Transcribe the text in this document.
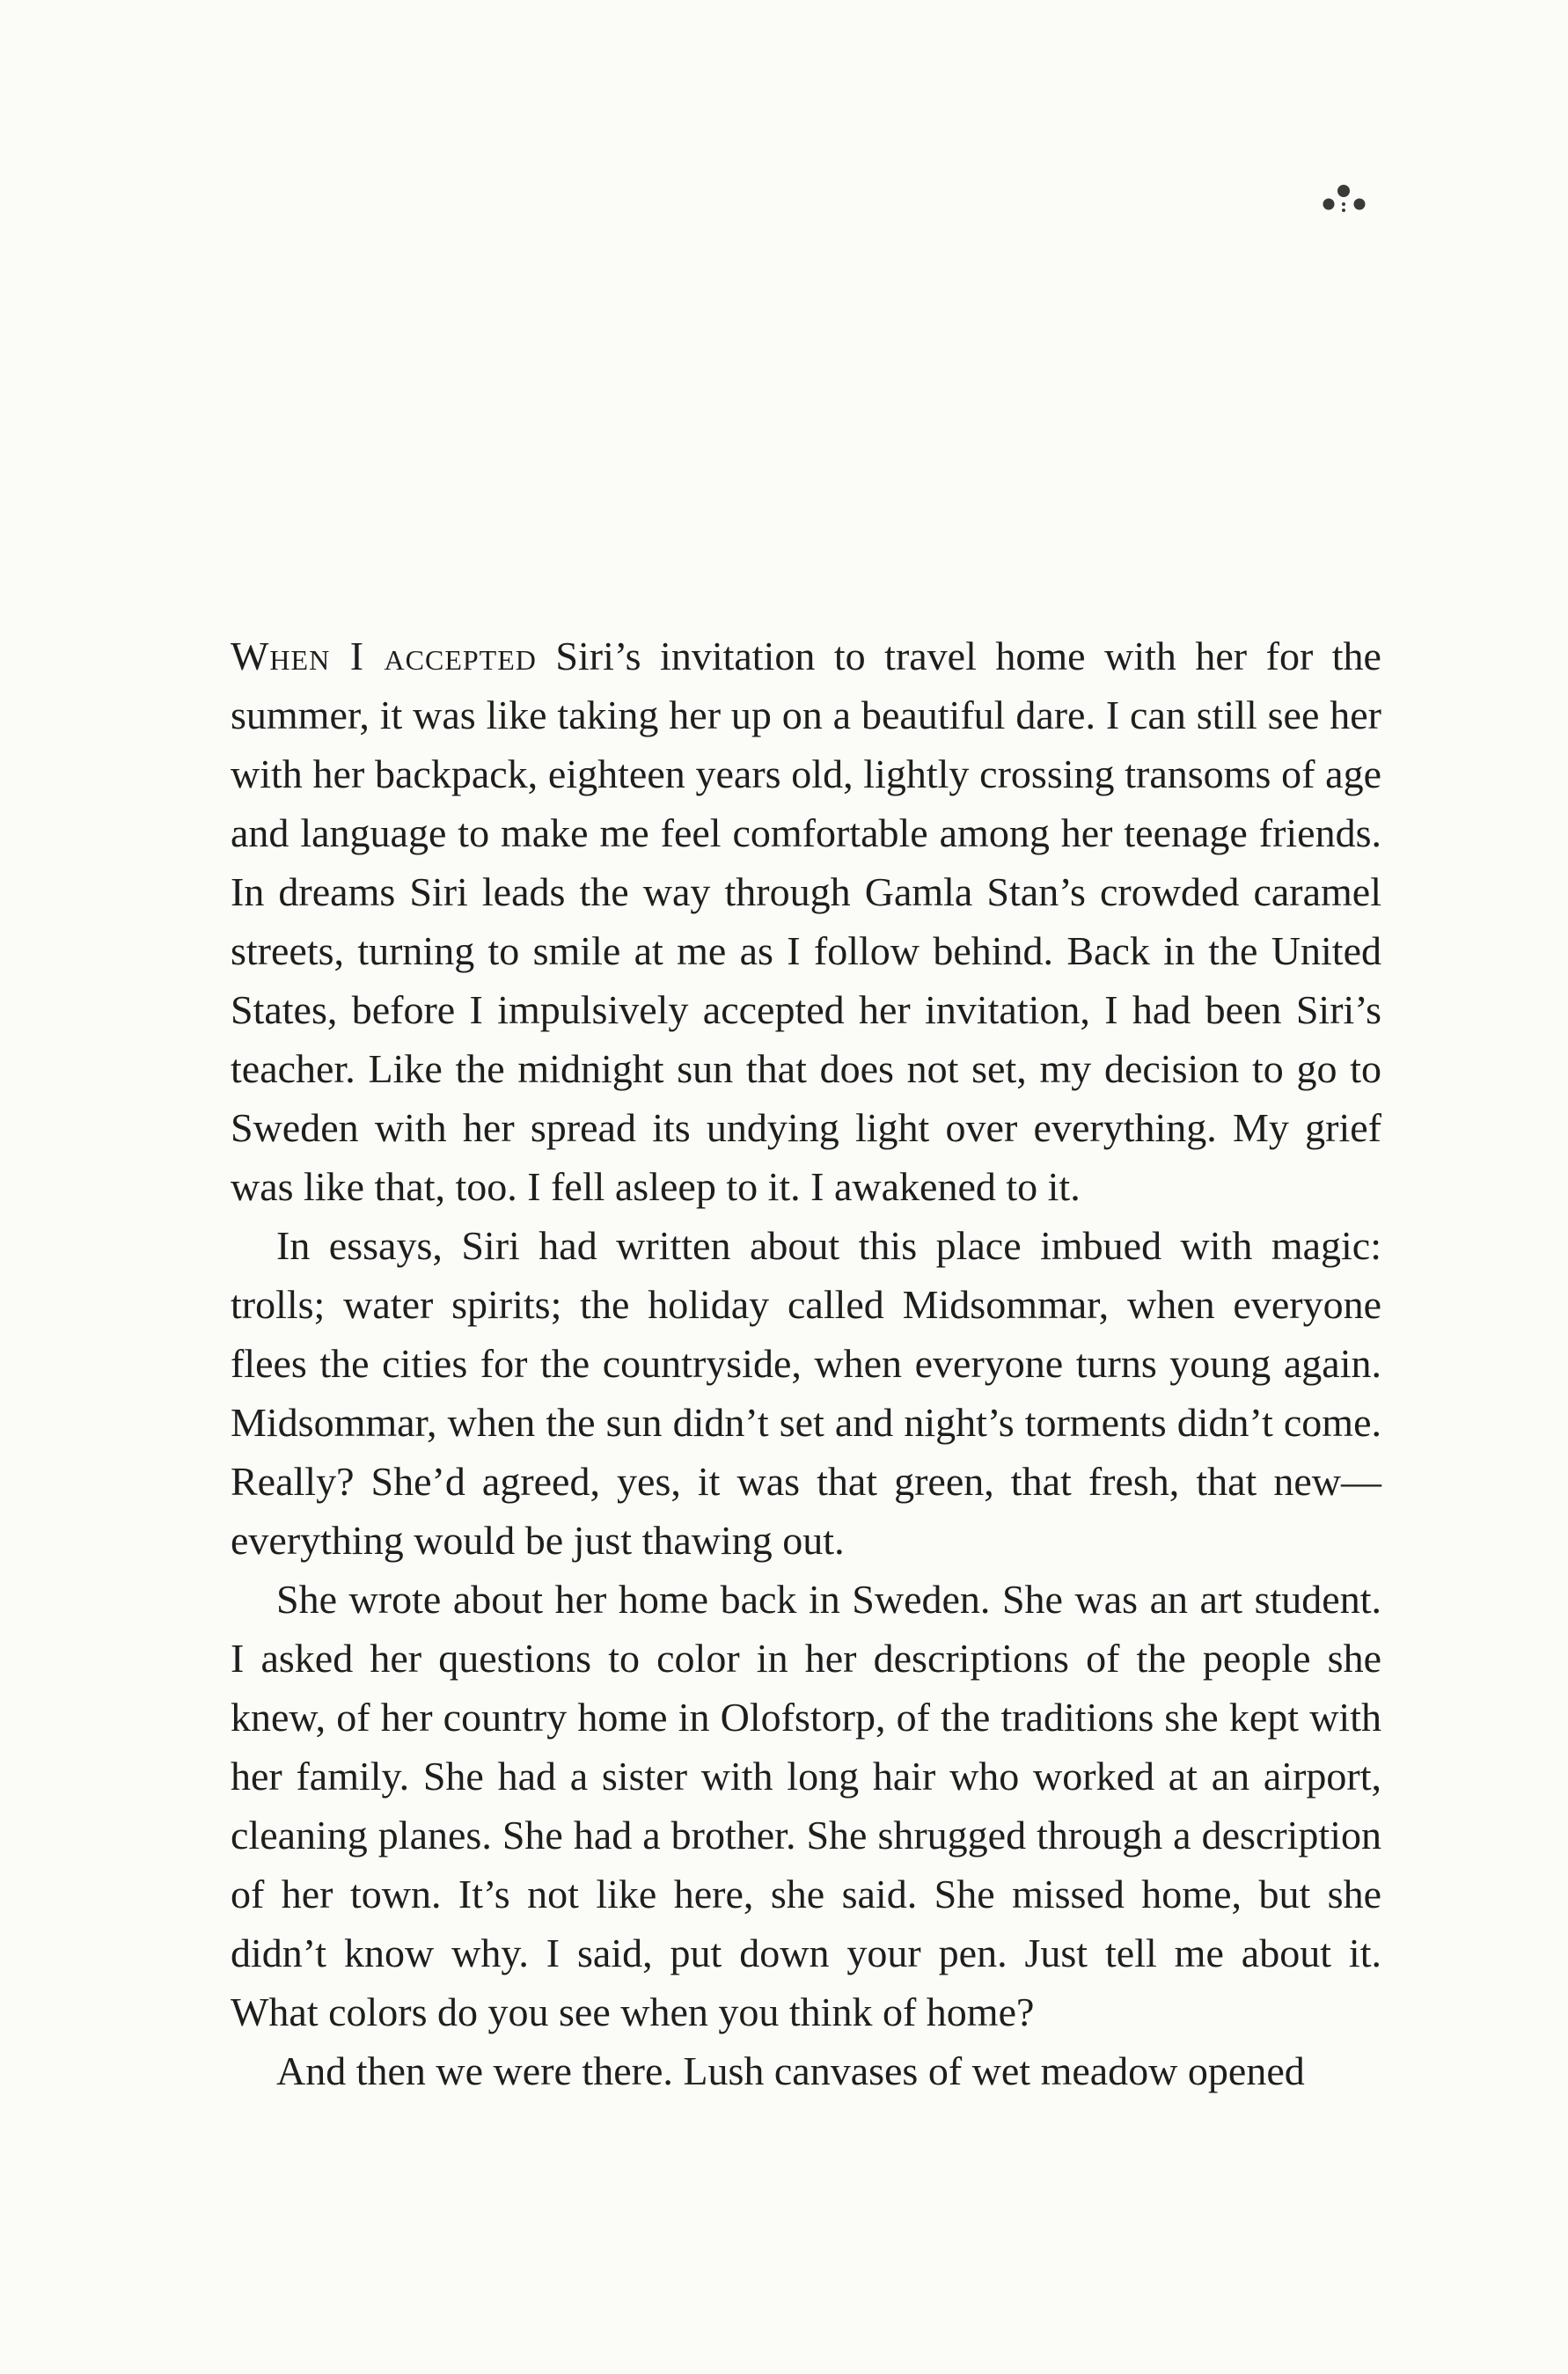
When I accepted Siri’s invitation to travel home with her for the summer, it was like taking her up on a beautiful dare. I can still see her with her backpack, eighteen years old, lightly crossing transoms of age and language to make me feel comfortable among her teenage friends. In dreams Siri leads the way through Gamla Stan’s crowded caramel streets, turning to smile at me as I follow behind. Back in the United States, before I impulsively accepted her invitation, I had been Siri’s teacher. Like the midnight sun that does not set, my decision to go to Sweden with her spread its undying light over everything. My grief was like that, too. I fell asleep to it. I awakened to it.

In essays, Siri had written about this place imbued with magic: trolls; water spirits; the holiday called Midsommar, when everyone flees the cities for the countryside, when everyone turns young again. Midsommar, when the sun didn’t set and night’s torments didn’t come. Really? She’d agreed, yes, it was that green, that fresh, that new—everything would be just thawing out.

She wrote about her home back in Sweden. She was an art student. I asked her questions to color in her descriptions of the people she knew, of her country home in Olofstorp, of the traditions she kept with her family. She had a sister with long hair who worked at an airport, cleaning planes. She had a brother. She shrugged through a description of her town. It’s not like here, she said. She missed home, but she didn’t know why. I said, put down your pen. Just tell me about it. What colors do you see when you think of home?

And then we were there. Lush canvases of wet meadow opened
